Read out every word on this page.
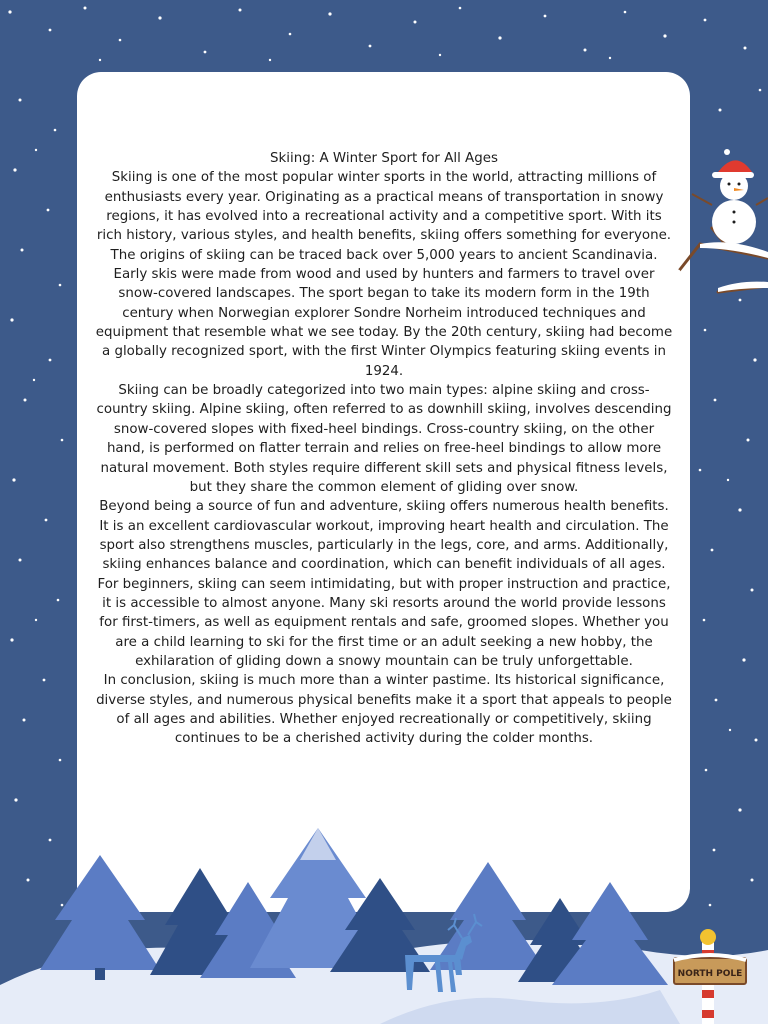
Skiing: A Winter Sport for All Ages

Skiing is one of the most popular winter sports in the world, attracting millions of enthusiasts every year. Originating as a practical means of transportation in snowy regions, it has evolved into a recreational activity and a competitive sport. With its rich history, various styles, and health benefits, skiing offers something for everyone.

The origins of skiing can be traced back over 5,000 years to ancient Scandinavia. Early skis were made from wood and used by hunters and farmers to travel over snow-covered landscapes. The sport began to take its modern form in the 19th century when Norwegian explorer Sondre Norheim introduced techniques and equipment that resemble what we see today. By the 20th century, skiing had become a globally recognized sport, with the first Winter Olympics featuring skiing events in 1924.

Skiing can be broadly categorized into two main types: alpine skiing and cross-country skiing. Alpine skiing, often referred to as downhill skiing, involves descending snow-covered slopes with fixed-heel bindings. Cross-country skiing, on the other hand, is performed on flatter terrain and relies on free-heel bindings to allow more natural movement. Both styles require different skill sets and physical fitness levels, but they share the common element of gliding over snow.

Beyond being a source of fun and adventure, skiing offers numerous health benefits. It is an excellent cardiovascular workout, improving heart health and circulation. The sport also strengthens muscles, particularly in the legs, core, and arms. Additionally, skiing enhances balance and coordination, which can benefit individuals of all ages.

For beginners, skiing can seem intimidating, but with proper instruction and practice, it is accessible to almost anyone. Many ski resorts around the world provide lessons for first-timers, as well as equipment rentals and safe, groomed slopes. Whether you are a child learning to ski for the first time or an adult seeking a new hobby, the exhilaration of gliding down a snowy mountain can be truly unforgettable.

In conclusion, skiing is much more than a winter pastime. Its historical significance, diverse styles, and numerous physical benefits make it a sport that appeals to people of all ages and abilities. Whether enjoyed recreationally or competitively, skiing continues to be a cherished activity during the colder months.

NORTH POLE
